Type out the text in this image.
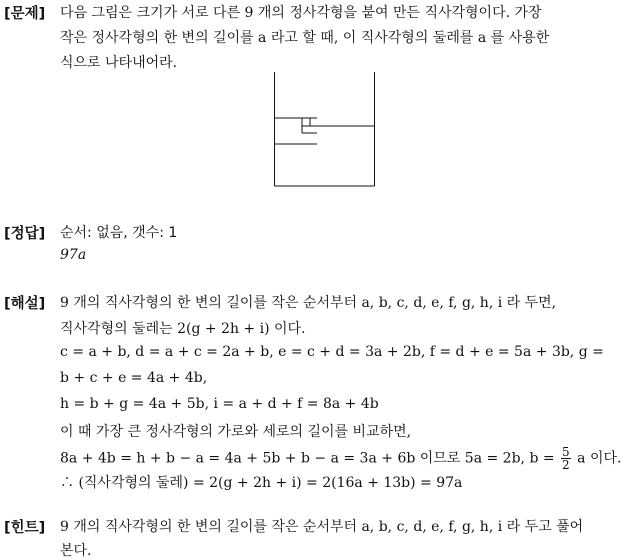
[문제] 다음 그림은 크기가 서로 다른 9 개의 정사각형을 붙여 만든 직사각형이다. 가장
작은 정사각형의 한 변의 길이를 a 라고 할 때, 이 직사각형의 둘레를 a 를 사용한
식으로 나타내어라.
[정답] 순서: 없음, 갯수: 1
97a
[해설] 9 개의 직사각형의 한 변의 길이를 작은 순서부터 a, b, c, d, e, f, g, h, i 라 두면,
직사각형의 둘레는 2(g + 2h + i) 이다.
c = a + b, d = a + c = 2a + b, e = c + d = 3a + 2b, f = d + e = 5a + 3b, g =
b + c + e = 4a + 4b,
h = b + g = 4a + 5b, i = a + d + f = 8a + 4b
이 때 가장 큰 정사각형의 가로와 세로의 길이를 비교하면,
8a + 4b = h + b − a = 4a + 5b + b − a = 3a + 6b 이므로 5a = 2b, $b = \frac{5}{2}$ a 이다.
∴ (직사각형의 둘레) = 2(g + 2h + i) = 2(16a + 13b) = 97a
[힌트] 9 개의 직사각형의 한 변의 길이를 작은 순서부터 a, b, c, d, e, f, g, h, i 라 두고 풀어
본다.
